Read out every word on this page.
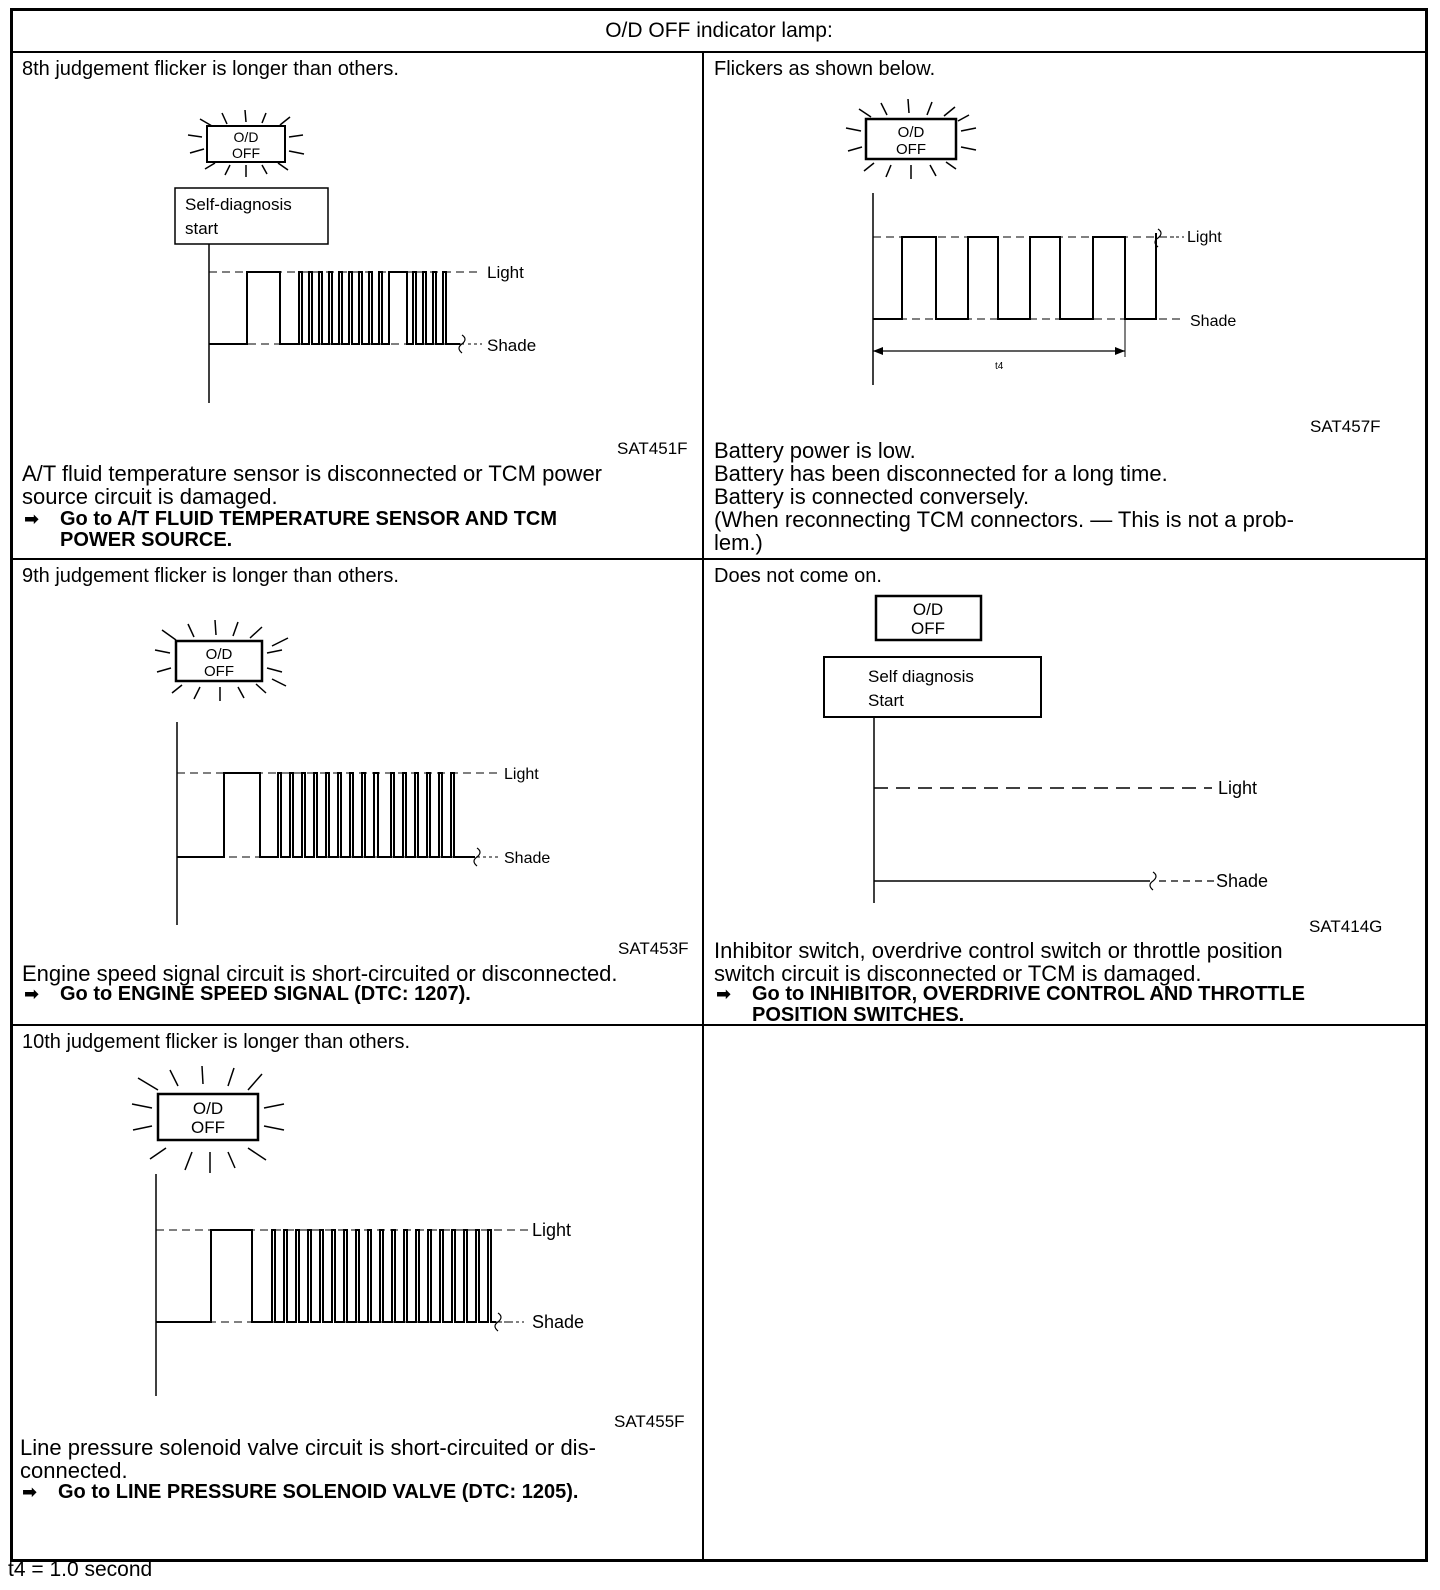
O/D OFF indicator lamp:
8th judgement flicker is longer than others.
O/D
OFF
Self-diagnosis
start
Light
Shade
SAT451F
A/T fluid temperature sensor is disconnected or TCM power
source circuit is damaged.
➡ Go to A/T FLUID TEMPERATURE SENSOR AND TCM
POWER SOURCE.
Flickers as shown below.
O/D
OFF
Light
Shade
t4
SAT457F
Battery power is low.
Battery has been disconnected for a long time.
Battery is connected conversely.
(When reconnecting TCM connectors. — This is not a prob-
lem.)
9th judgement flicker is longer than others.
O/D
OFF
Light
Shade
SAT453F
Engine speed signal circuit is short-circuited or disconnected.
➡ Go to ENGINE SPEED SIGNAL (DTC: 1207).
Does not come on.
O/D
OFF
Self diagnosis
Start
Light
Shade
SAT414G
Inhibitor switch, overdrive control switch or throttle position
switch circuit is disconnected or TCM is damaged.
➡ Go to INHIBITOR, OVERDRIVE CONTROL AND THROTTLE
POSITION SWITCHES.
10th judgement flicker is longer than others.
O/D
OFF
Light
Shade
SAT455F
Line pressure solenoid valve circuit is short-circuited or dis-
connected.
➡ Go to LINE PRESSURE SOLENOID VALVE (DTC: 1205).
t4 = 1.0 second
